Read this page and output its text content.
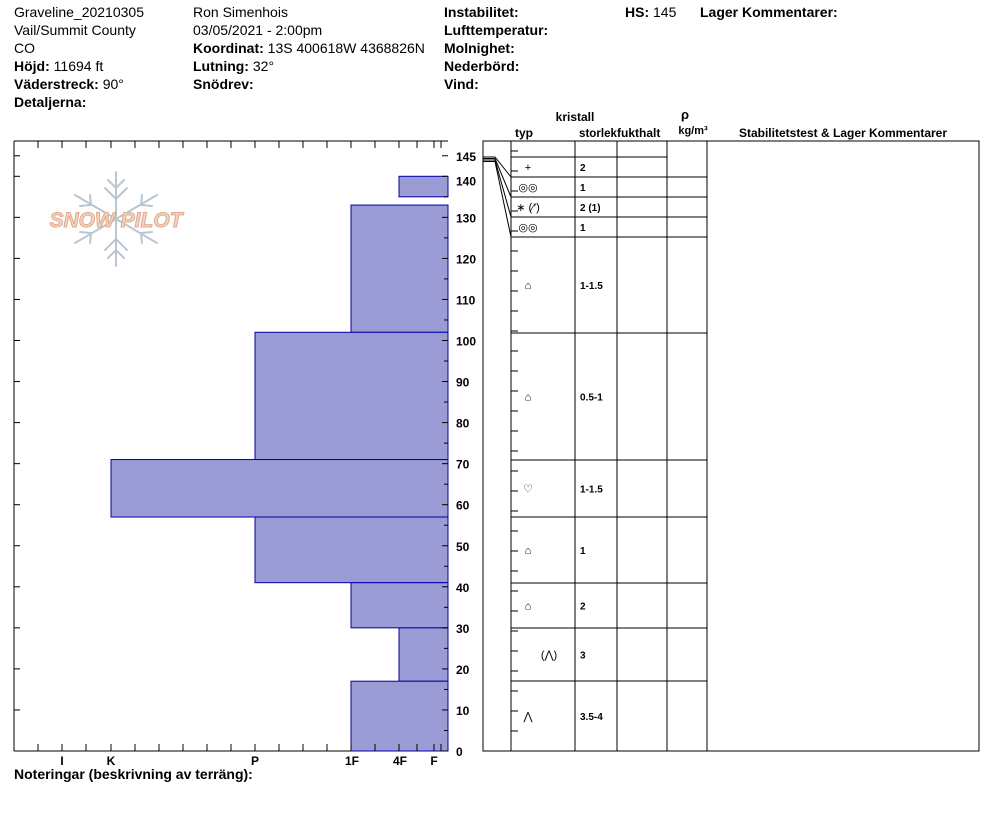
Graveline_20210305
Vail/Summit County
CO
Höjd: 11694 ft
Väderstreck: 90°
Detaljerna:
Ron Simenhois
03/05/2021 - 2:00pm
Koordinat: 13S 400618W 4368826N
Lutning: 32°
Snödrev:
Instabilitet:
Lufttemperatur:
Molnighet:
Nederbörd:
Vind:
HS: 145 Lager Kommentarer:
SNOW PILOT
I	K	P	1F	4F F
0
10
20
30
40
50
60
70
80
90
100
110
120
130
140
145
+	2
◎◎	1
∗ (⁄′)	2 (1)
◎◎	1
⌂	1-1.5
⌂	0.5-1
♡	1-1.5
⌂	1
⌂	2
(⋀) 3
⋀	3.5-4
kristall
typ	storlek fukthalt
ρ
kg/m³	Stabilitetstest & Lager Kommentarer
Noteringar (beskrivning av terräng):
